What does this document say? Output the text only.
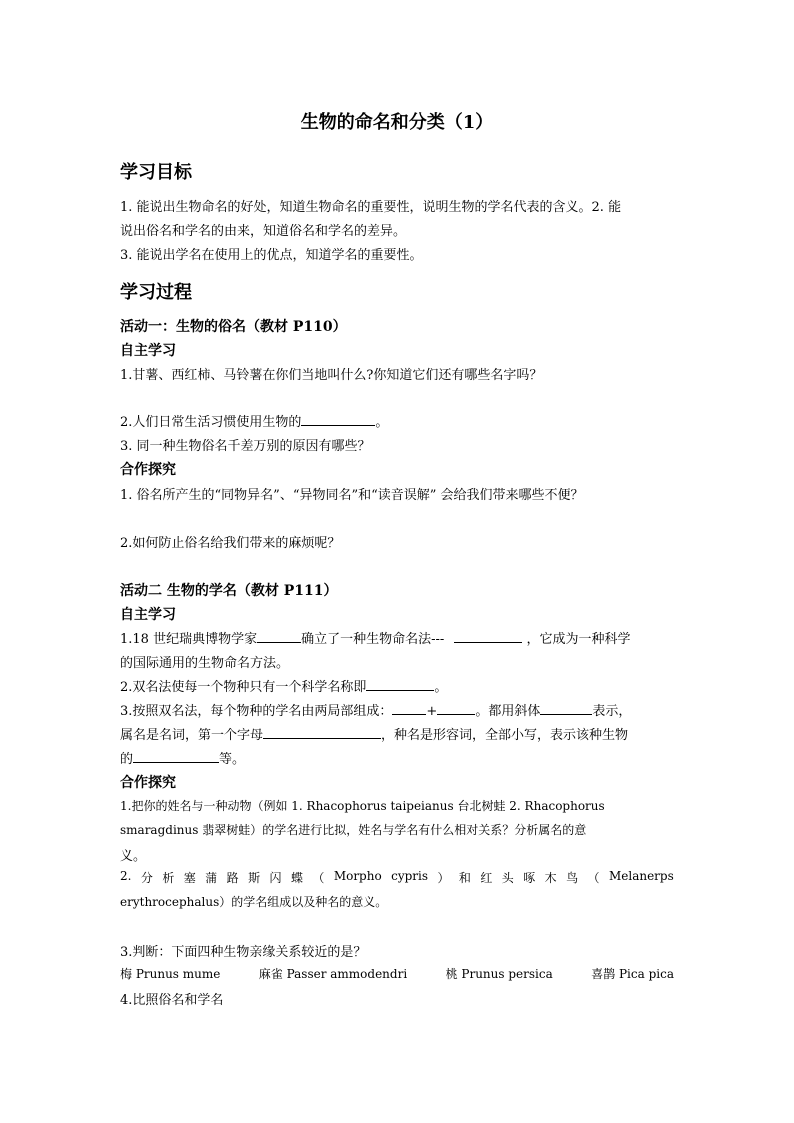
生物的命名和分类（1）
学习目标
1. 能说出生物命名的好处，知道生物命名的重要性，说明生物的学名代表的含义。2. 能
说出俗名和学名的由来，知道俗名和学名的差异。
3. 能说出学名在使用上的优点，知道学名的重要性。
学习过程
活动一：生物的俗名（教材 P110）
自主学习
1.甘薯、西红柿、马铃薯在你们当地叫什么?你知道它们还有哪些名字吗？
2.人们日常生活习惯使用生物的	。
3. 同一种生物俗名千差万别的原因有哪些？
合作探究
1. 俗名所产生的“同物异名”、“异物同名”和“读音误解” 会给我们带来哪些不便？
2.如何防止俗名给我们带来的麻烦呢？
活动二 生物的学名（教材 P111）
自主学习
1.18 世纪瑞典博物学家	确立了一种生物命名法---	，它成为一种科学
的国际通用的生物命名方法。
2.双名法使每一个物种只有一个科学名称即	。
3.按照双名法，每个物种的学名由两局部组成：	+	。都用斜体	表示，
属名是名词，第一个字母	，种名是形容词，全部小写，表示该种生物
的	等。
合作探究
1.把你的姓名与一种动物（例如 1. Rhacophorus taipeianus 台北树蛙 2. Rhacophorus
smaragdinus 翡翠树蛙）的学名进行比拟，姓名与学名有什么相对关系？分析属名的意
义。
2. 分 析 塞 蒲 路 斯 闪 蝶 （ Morpho cypris ） 和 红 头 啄 木 鸟 （ Melanerps
erythrocephalus）的学名组成以及种名的意义。
3.判断：下面四种生物亲缘关系较近的是？
梅 Prunus mume	麻雀 Passer ammodendri	桃 Prunus persica	喜鹊 Pica pica
4.比照俗名和学名
